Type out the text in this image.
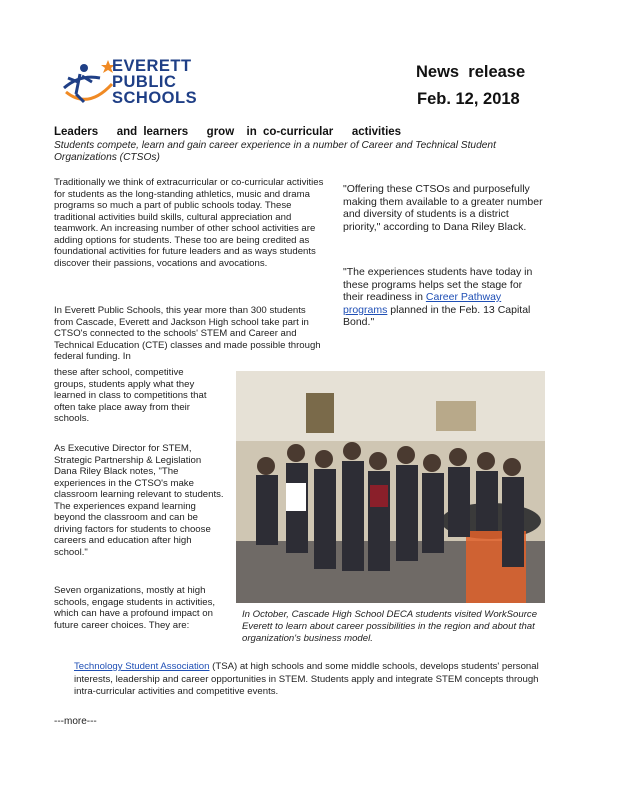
EVERETT
PUBLIC
SCHOOLS
News  release
Feb. 12, 2018
Leaders   and learners   grow  in co-curricular   activities
Students compete, learn and gain career experience in a number of Career and Technical Student Organizations (CTSOs)
Traditionally we think of extracurricular or co-curricular activities for students as the long-standing athletics, music and drama programs so much a part of public schools today. These traditional activities build skills, cultural appreciation and teamwork. An increasing number of other school activities are adding options for students. These too are being credited as foundational activities for future leaders and as ways students discover their passions, vocations and avocations.
In Everett Public Schools, this year more than 300 students from Cascade, Everett and Jackson High school take part in CTSO's connected to the schools' STEM and Career and Technical Education (CTE) classes and made possible through federal funding. In
these after school, competitive groups, students apply what they learned in class to competitions that often take place away from their schools.
As Executive Director for STEM, Strategic Partnership & Legislation Dana Riley Black notes, "The experiences in the CTSO's make classroom learning relevant to students. The experiences expand learning beyond the classroom and can be driving factors for students to choose careers and education after high school."
Seven organizations, mostly at high schools, engage students in activities, which can have a profound impact on future career choices. They are:
"Offering these CTSOs and purposefully making them available to a greater number and diversity of students is a district priority," according to Dana Riley Black.
"The experiences students have today in these programs helps set the stage for their readiness in Career Pathway programs planned in the Feb. 13 Capital Bond."
In October, Cascade High School DECA students visited WorkSource Everett to learn about career possibilities in the region and about that organization's business model.
Technology Student Association (TSA) at high schools and some middle schools, develops students' personal interests, leadership and career opportunities in STEM. Students apply and integrate STEM concepts through intra-curricular activities and competitive events.
---more---
